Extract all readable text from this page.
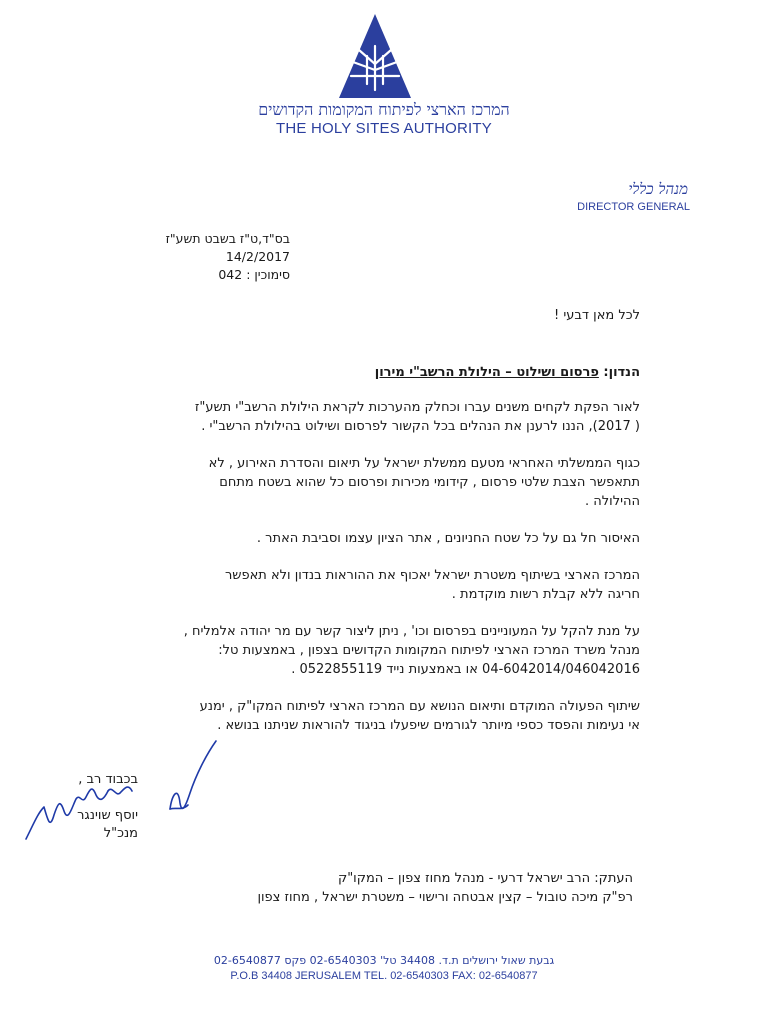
המרכז הארצי לפיתוח המקומות הקדושים
THE HOLY SITES AUTHORITY
מנהל כללי
DIRECTOR GENERAL
בס"ד,ט"ז בשבט תשע"ז
14/2/2017
סימוכין : 042
לכל מאן דבעי !
הנדון: פרסום ושילוט – הילולת הרשב"י מירון
לאור הפקת לקחים משנים עברו וכחלק מהערכות לקראת הילולת הרשב"י תשע"ז
( 2017), הננו לרענן את הנהלים בכל הקשור לפרסום ושילוט בהילולת הרשב"י .
כגוף הממשלתי האחראי מטעם ממשלת ישראל על תיאום והסדרת האירוע , לא
תתאפשר הצבת שלטי פרסום , קידומי מכירות ופרסום כל שהוא בשטח מתחם
ההילולה .
האיסור חל גם על כל שטח החניונים , אתר הציון עצמו וסביבת האתר .
המרכז הארצי בשיתוף משטרת ישראל יאכוף את ההוראות בנדון ולא תאפשר
חריגה ללא קבלת רשות מוקדמת .
על מנת להקל על המעוניינים בפרסום וכו' , ניתן ליצור קשר עם מר יהודה אלמליח ,
מנהל משרד המרכז הארצי לפיתוח המקומות הקדושים בצפון , באמצעות טל:
04-6042014/046042016 או באמצעות נייד 0522855119 .
שיתוף הפעולה המוקדם ותיאום הנושא עם המרכז הארצי לפיתוח המקו"ק , ימנע
אי נעימות והפסד כספי מיותר לגורמים שיפעלו בניגוד להוראות שניתנו בנושא .
בכבוד רב ,
יוסף שוינגר
מנכ"ל
העתק: הרב ישראל דרעי - מנהל מחוז צפון – המקו"ק
רפ"ק מיכה טובול – קצין אבטחה ורישוי – משטרת ישראל , מחוז צפון
גבעת שאול ירושלים ת.ד. 34408 טל' 02-6540303 פקס 02-6540877
P.O.B 34408 JERUSALEM TEL. 02-6540303 FAX: 02-6540877
